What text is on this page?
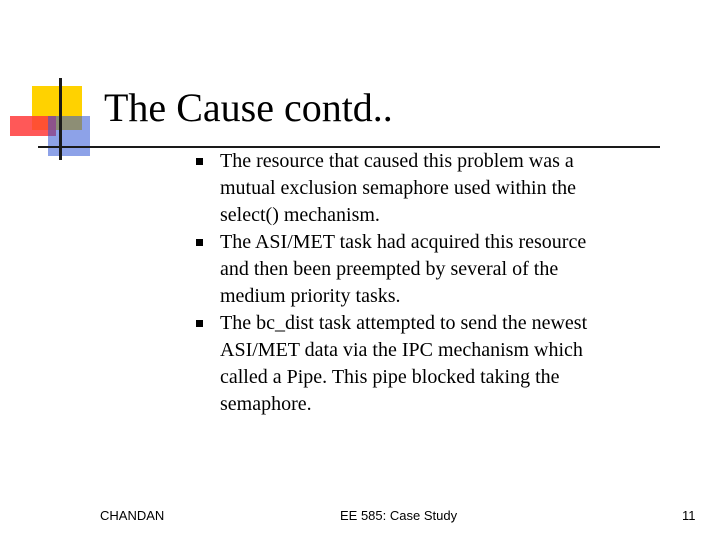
The Cause contd..
The resource that caused this problem was a mutual exclusion semaphore used within the select() mechanism.
The ASI/MET task had acquired this resource and then been preempted by several of the medium priority tasks.
The bc_dist task attempted to send the newest ASI/MET data via the IPC mechanism which called a Pipe. This pipe blocked taking the semaphore.
CHANDAN	EE 585: Case Study	11
